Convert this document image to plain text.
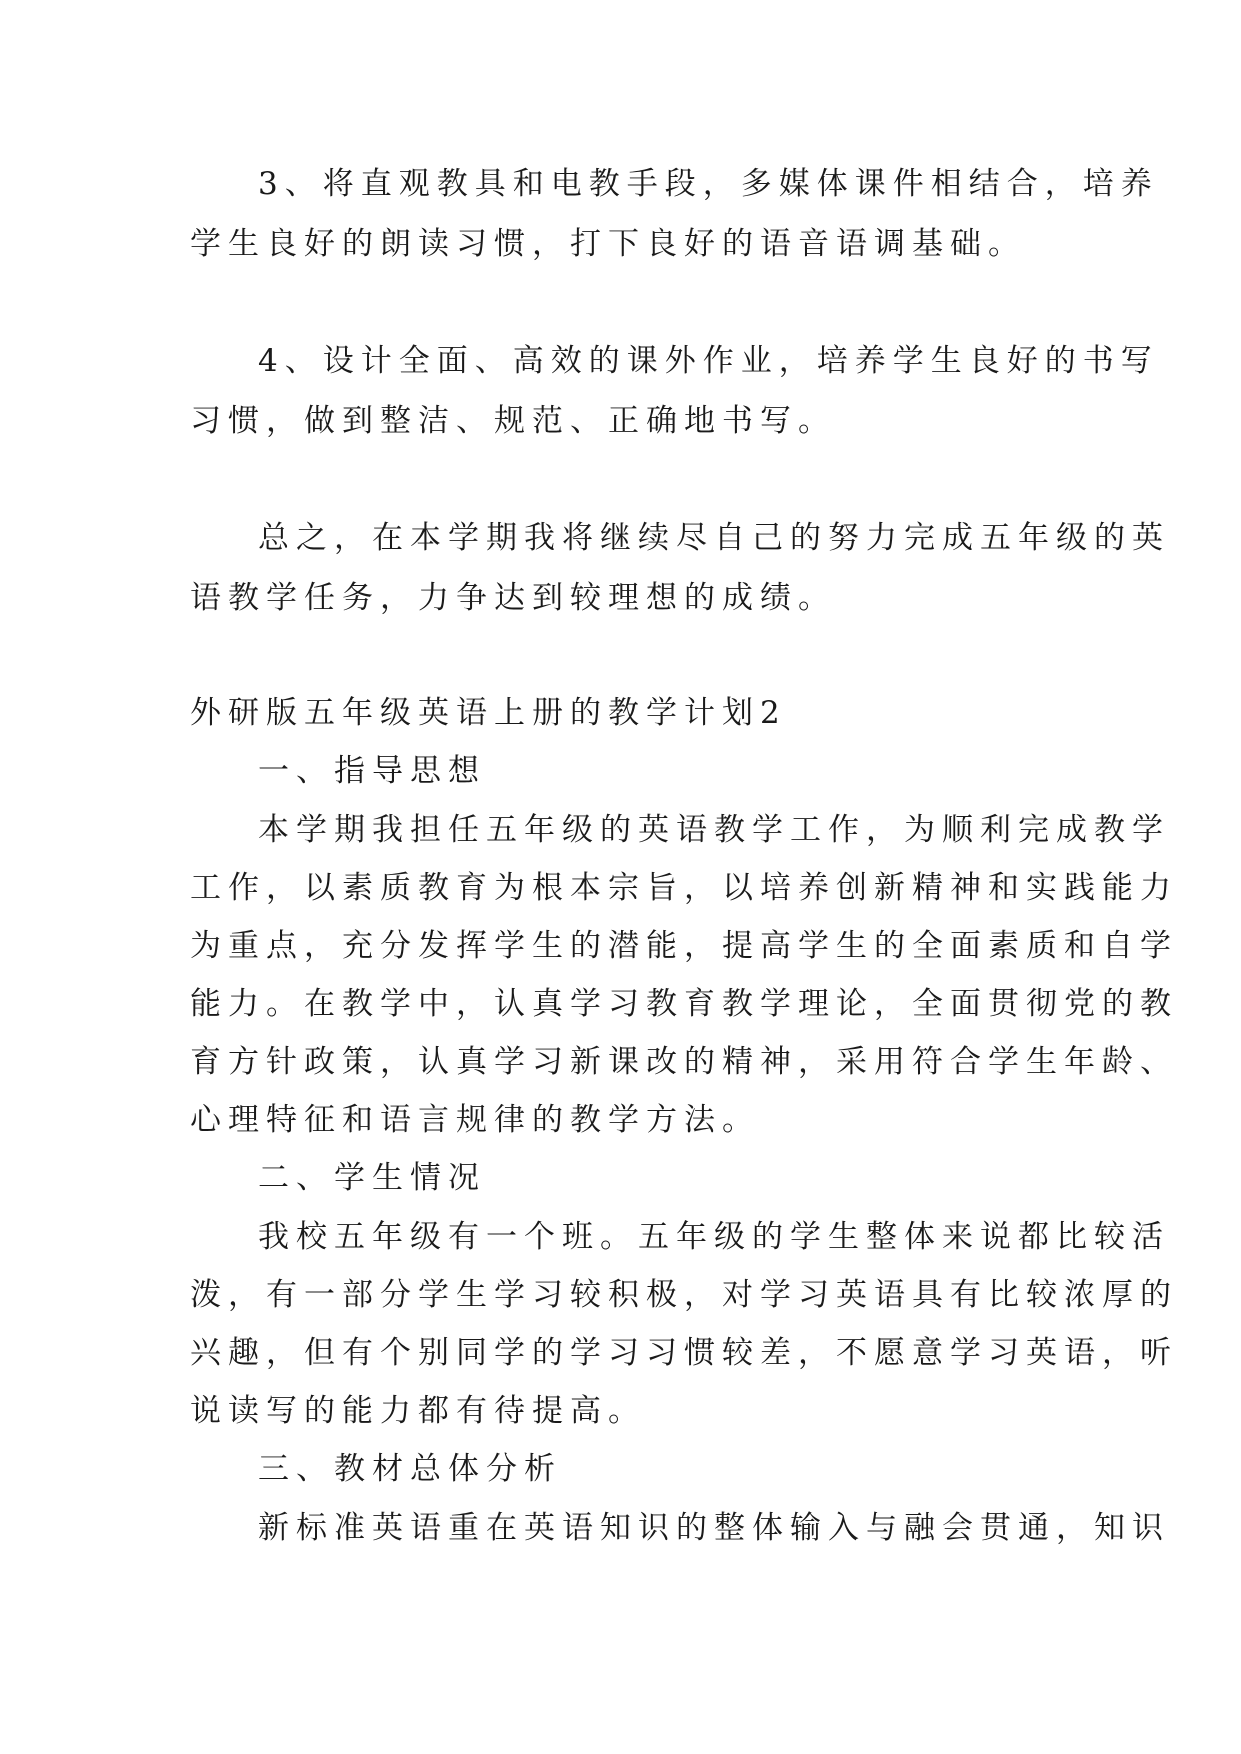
3、将直观教具和电教手段，多媒体课件相结合，培养
学生良好的朗读习惯，打下良好的语音语调基础。
4、设计全面、高效的课外作业，培养学生良好的书写
习惯，做到整洁、规范、正确地书写。
总之，在本学期我将继续尽自己的努力完成五年级的英
语教学任务，力争达到较理想的成绩。
外研版五年级英语上册的教学计划2
一、指导思想
本学期我担任五年级的英语教学工作，为顺利完成教学
工作，以素质教育为根本宗旨，以培养创新精神和实践能力
为重点，充分发挥学生的潜能，提高学生的全面素质和自学
能力。在教学中，认真学习教育教学理论，全面贯彻党的教
育方针政策，认真学习新课改的精神，采用符合学生年龄、
心理特征和语言规律的教学方法。
二、学生情况
我校五年级有一个班。五年级的学生整体来说都比较活
泼，有一部分学生学习较积极，对学习英语具有比较浓厚的
兴趣，但有个别同学的学习习惯较差，不愿意学习英语，听
说读写的能力都有待提高。
三、教材总体分析
新标准英语重在英语知识的整体输入与融会贯通，知识
